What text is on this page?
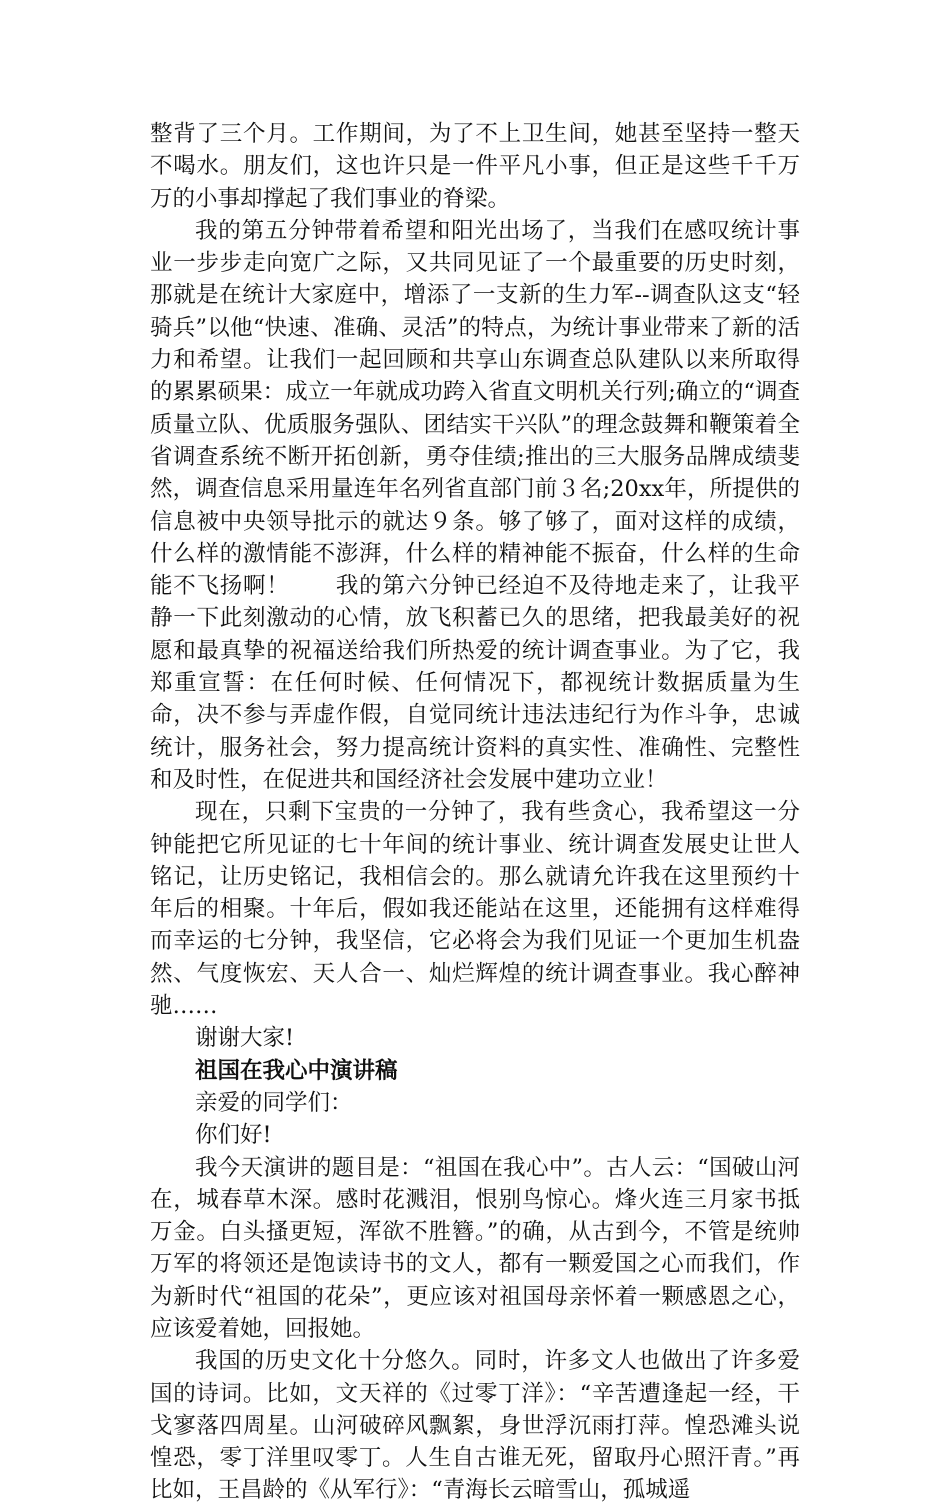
整背了三个月。工作期间，为了不上卫生间，她甚至坚持一整天不喝水。朋友们，这也许只是一件平凡小事，但正是这些千千万万的小事却撑起了我们事业的脊梁。

我的第五分钟带着希望和阳光出场了，当我们在感叹统计事业一步步走向宽广之际，又共同见证了一个最重要的历史时刻，那就是在统计大家庭中，增添了一支新的生力军--调查队这支“轻骑兵”以他“快速、准确、灵活”的特点，为统计事业带来了新的活力和希望。让我们一起回顾和共享山东调查总队建队以来所取得的累累硕果：成立一年就成功跨入省直文明机关行列;确立的“调查质量立队、优质服务强队、团结实干兴队”的理念鼓舞和鞭策着全省调查系统不断开拓创新，勇夺佳绩;推出的三大服务品牌成绩斐然，调查信息采用量连年名列省直部门前３名;20xx年，所提供的信息被中央领导批示的就达９条。够了够了，面对这样的成绩，什么样的激情能不澎湃，什么样的精神能不振奋，什么样的生命能不飞扬啊！　　我的第六分钟已经迫不及待地走来了，让我平静一下此刻激动的心情，放飞积蓄已久的思绪，把我最美好的祝愿和最真挚的祝福送给我们所热爱的统计调查事业。为了它，我郑重宣誓：在任何时候、任何情况下，都视统计数据质量为生命，决不参与弄虚作假，自觉同统计违法违纪行为作斗争，忠诚统计，服务社会，努力提高统计资料的真实性、准确性、完整性和及时性，在促进共和国经济社会发展中建功立业！

现在，只剩下宝贵的一分钟了，我有些贪心，我希望这一分钟能把它所见证的七十年间的统计事业、统计调查发展史让世人铭记，让历史铭记，我相信会的。那么就请允许我在这里预约十年后的相聚。十年后，假如我还能站在这里，还能拥有这样难得而幸运的七分钟，我坚信，它必将会为我们见证一个更加生机盎然、气度恢宏、天人合一、灿烂辉煌的统计调查事业。我心醉神驰……

谢谢大家!

祖国在我心中演讲稿

亲爱的同学们：

你们好!

我今天演讲的题目是：“祖国在我心中”。古人云：“国破山河在，城春草木深。感时花溅泪，恨别鸟惊心。烽火连三月家书抵万金。白头搔更短，浑欲不胜簪。”的确，从古到今，不管是统帅万军的将领还是饱读诗书的文人，都有一颗爱国之心而我们，作为新时代“祖国的花朵”，更应该对祖国母亲怀着一颗感恩之心，应该爱着她，回报她。

我国的历史文化十分悠久。同时，许多文人也做出了许多爱国的诗词。比如，文天祥的《过零丁洋》：“辛苦遭逢起一经，干戈寥落四周星。山河破碎风飘絮，身世浮沉雨打萍。惶恐滩头说惶恐，零丁洋里叹零丁。人生自古谁无死，留取丹心照汗青。”再比如，王昌龄的《从军行》：“青海长云暗雪山，孤城遥
